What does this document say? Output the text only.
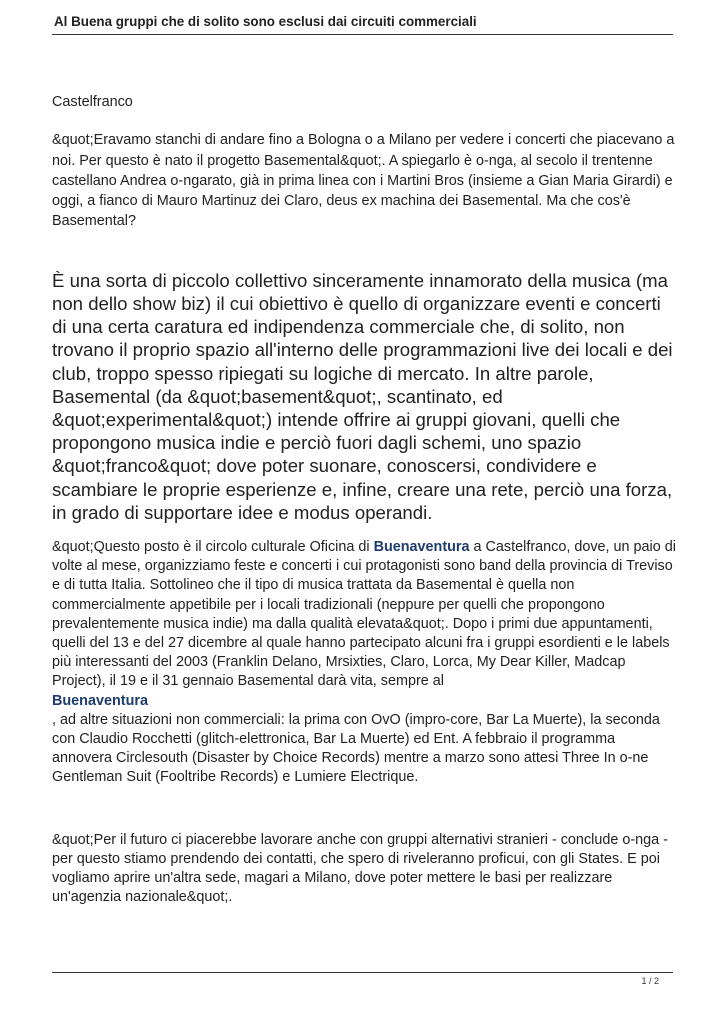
Al Buena gruppi che di solito sono esclusi dai circuiti commerciali

Castelfranco

&quot;Eravamo stanchi di andare fino a Bologna o a Milano per vedere i concerti che piacevano a noi. Per questo è nato il progetto Basemental&quot;. A spiegarlo è o-nga, al secolo il trentenne castellano Andrea o-ngarato, già in prima linea con i Martini Bros (insieme a Gian Maria Girardi) e oggi, a fianco di Mauro Martinuz dei Claro, deus ex machina dei Basemental. Ma che cos'è Basemental?

È una sorta di piccolo collettivo sinceramente innamorato della musica (ma non dello show biz) il cui obiettivo è quello di organizzare eventi e concerti di una certa caratura ed indipendenza commerciale che, di solito, non trovano il proprio spazio all'interno delle programmazioni live dei locali e dei club, troppo spesso ripiegati su logiche di mercato. In altre parole, Basemental (da &quot;basement&quot;, scantinato, ed &quot;experimental&quot;) intende offrire ai gruppi giovani, quelli che propongono musica indie e perciò fuori dagli schemi, uno spazio &quot;franco&quot; dove poter suonare, conoscersi, condividere e scambiare le proprie esperienze e, infine, creare una rete, perciò una forza, in grado di supportare idee e modus operandi.

&quot;Questo posto è il circolo culturale Oficina di Buenaventura a Castelfranco, dove, un paio di volte al mese, organizziamo feste e concerti i cui protagonisti sono band della provincia di Treviso e di tutta Italia. Sottolineo che il tipo di musica trattata da Basemental è quella non commercialmente appetibile per i locali tradizionali (neppure per quelli che propongono prevalentemente musica indie) ma dalla qualità elevata&quot;. Dopo i primi due appuntamenti, quelli del 13 e del 27 dicembre al quale hanno partecipato alcuni fra i gruppi esordienti e le labels più interessanti del 2003 (Franklin Delano, Mrsixties, Claro, Lorca, My Dear Killer, Madcap Project), il 19 e il 31 gennaio Basemental darà vita, sempre al
Buenaventura
, ad altre situazioni non commerciali: la prima con OvO (impro-core, Bar La Muerte), la seconda con Claudio Rocchetti (glitch-elettronica, Bar La Muerte) ed Ent. A febbraio il programma annovera Circlesouth (Disaster by Choice Records) mentre a marzo sono attesi Three In o-ne Gentleman Suit (Fooltribe Records) e Lumiere Electrique.

&quot;Per il futuro ci piacerebbe lavorare anche con gruppi alternativi stranieri - conclude o-nga - per questo stiamo prendendo dei contatti, che spero di riveleranno proficui, con gli States. E poi vogliamo aprire un'altra sede, magari a Milano, dove poter mettere le basi per realizzare un'agenzia nazionale&quot;.

1 / 2
